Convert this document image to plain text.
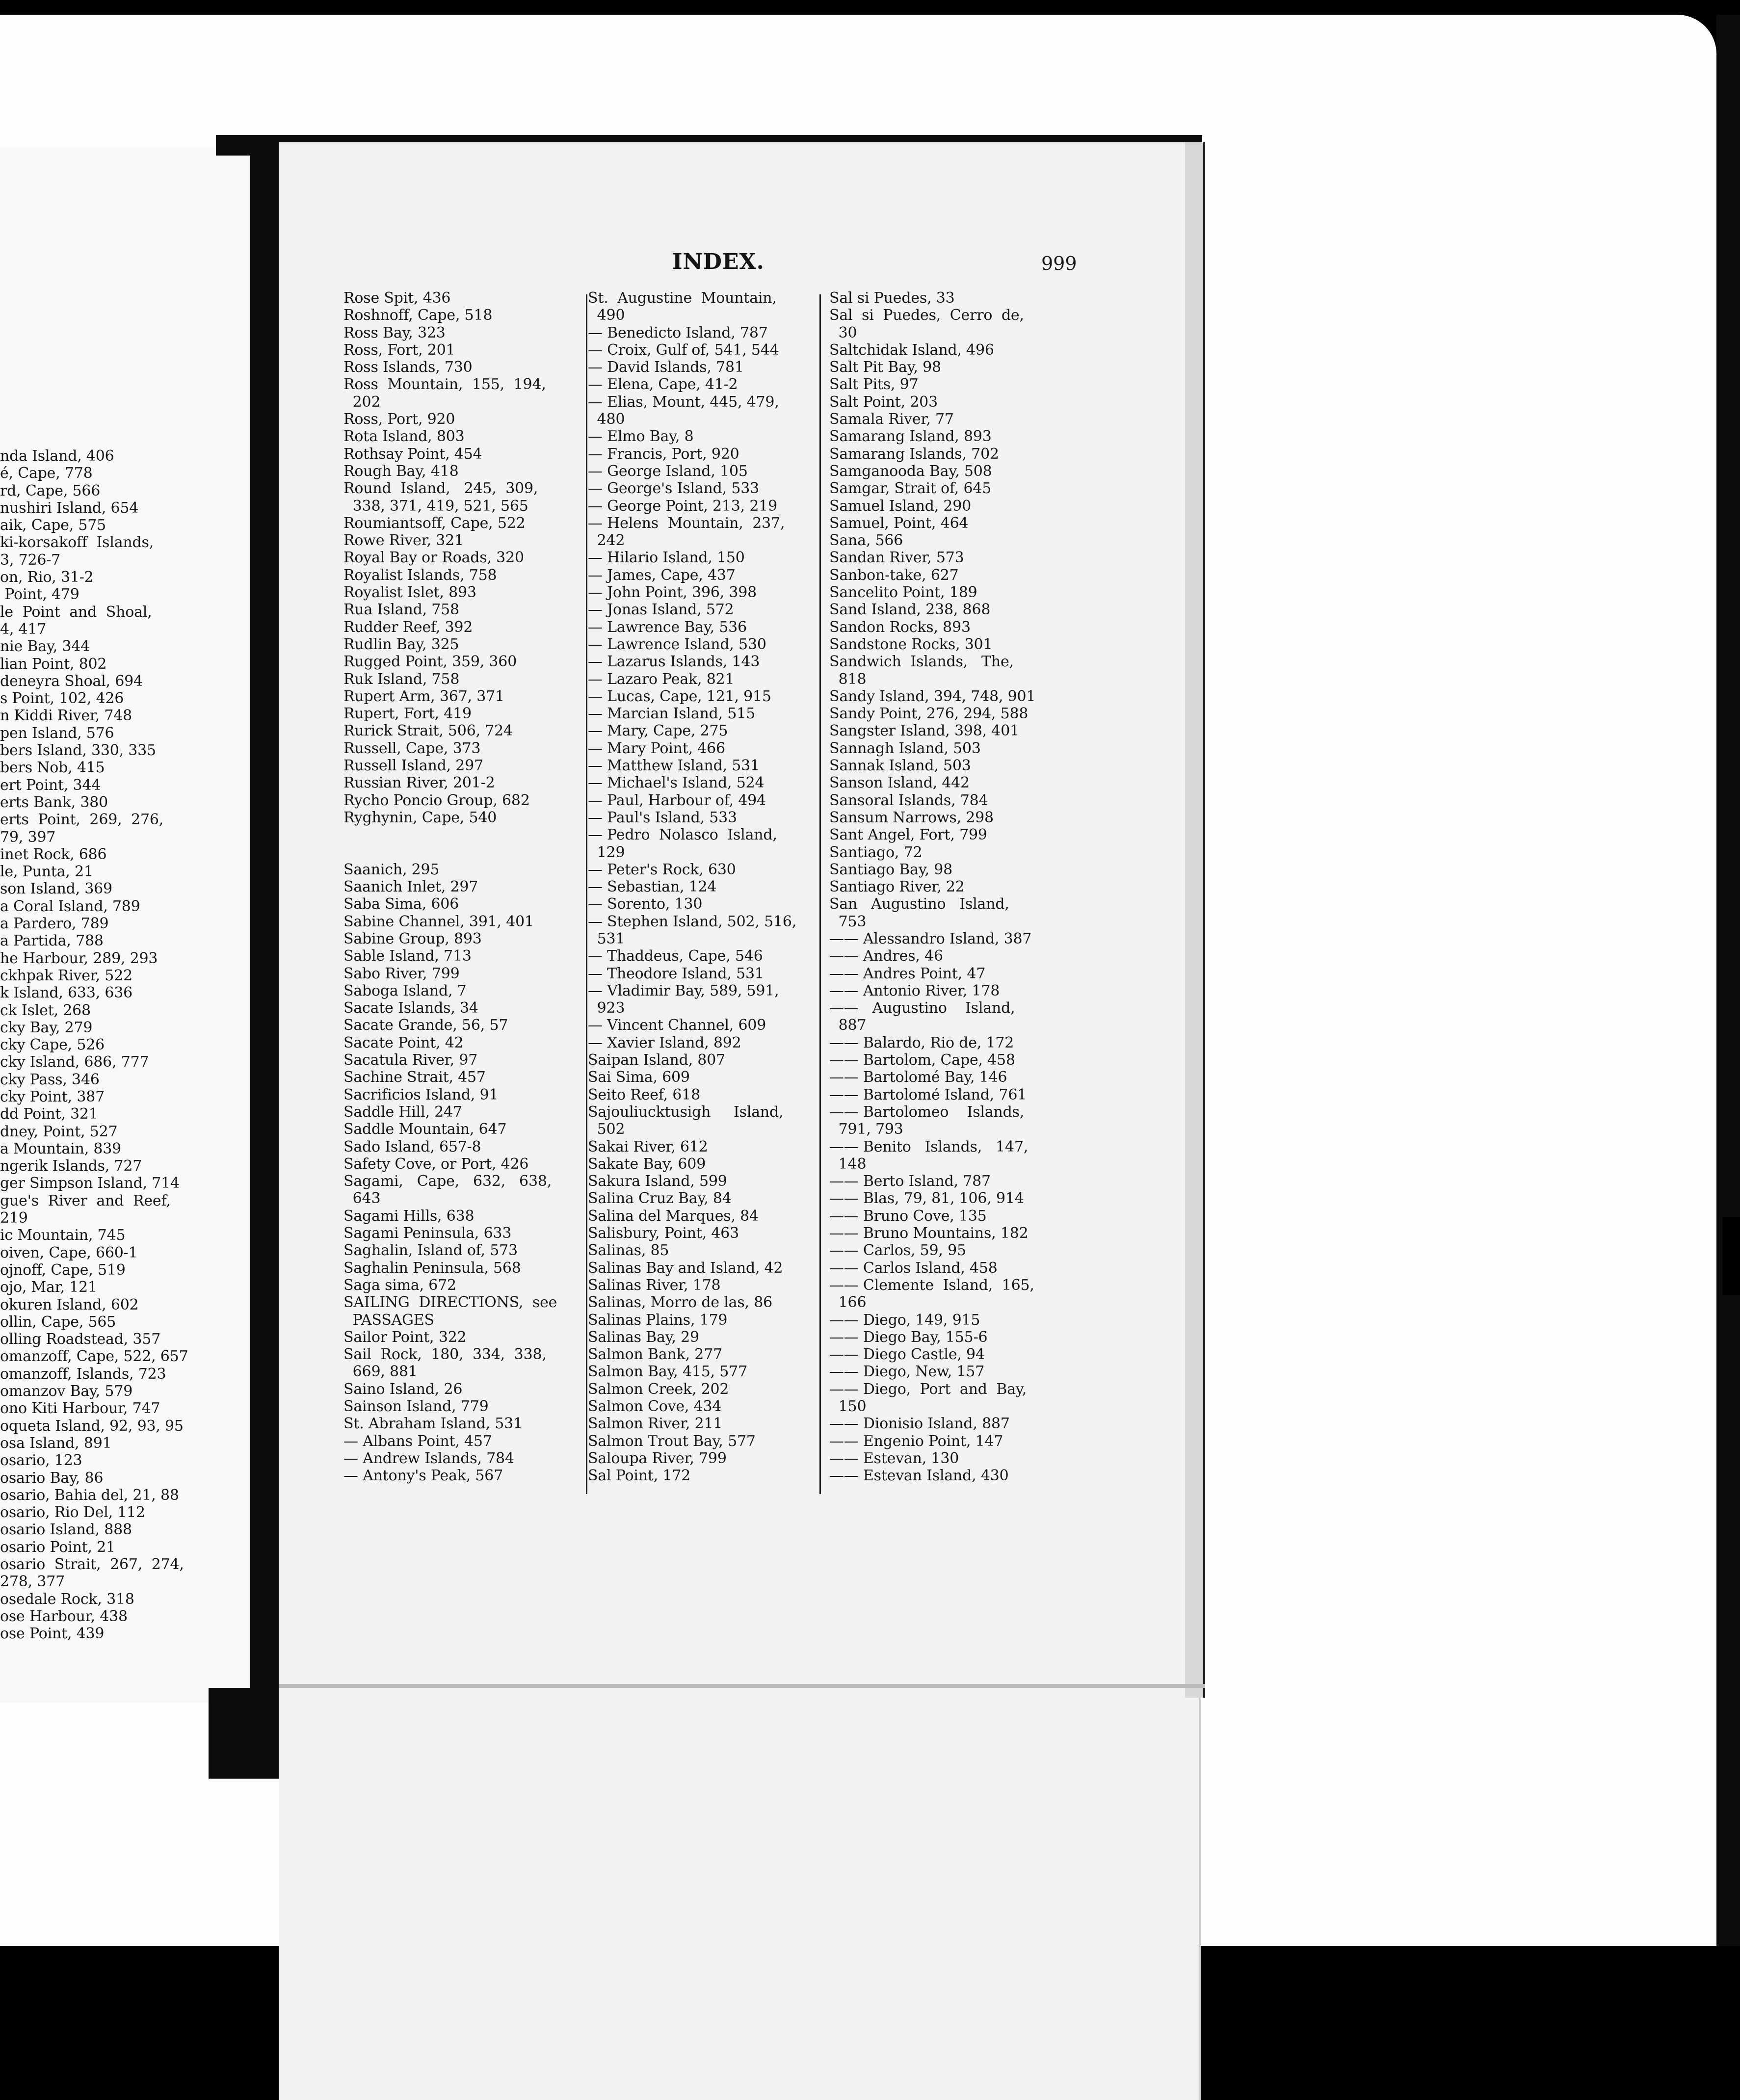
nda Island, 406
é, Cape, 778
rd, Cape, 566
nushiri Island, 654
aik, Cape, 575
ki-korsakoff  Islands,
3, 726-7
on, Rio, 31-2
Point, 479
le  Point  and  Shoal,
4, 417
nie Bay, 344
lian Point, 802
deneyra Shoal, 694
s Point, 102, 426
n Kiddi River, 748
pen Island, 576
bers Island, 330, 335
bers Nob, 415
ert Point, 344
erts Bank, 380
erts  Point,  269,  276,
79, 397
inet Rock, 686
le, Punta, 21
son Island, 369
a Coral Island, 789
a Pardero, 789
a Partida, 788
he Harbour, 289, 293
ckhpak River, 522
k Island, 633, 636
ck Islet, 268
cky Bay, 279
cky Cape, 526
cky Island, 686, 777
cky Pass, 346
cky Point, 387
dd Point, 321
dney, Point, 527
a Mountain, 839
ngerik Islands, 727
ger Simpson Island, 714
gue's  River  and  Reef,
219
ic Mountain, 745
oiven, Cape, 660-1
ojnoff, Cape, 519
ojo, Mar, 121
okuren Island, 602
ollin, Cape, 565
olling Roadstead, 357
omanzoff, Cape, 522, 657
omanzoff, Islands, 723
omanzov Bay, 579
ono Kiti Harbour, 747
oqueta Island, 92, 93, 95
osa Island, 891
osario, 123
osario Bay, 86
osario, Bahia del, 21, 88
osario, Rio Del, 112
osario Island, 888
osario Point, 21
osario  Strait,  267,  274,
278, 377
osedale Rock, 318
ose Harbour, 438
ose Point, 439
INDEX.	999
Rose Spit, 436
Roshnoff, Cape, 518
Ross Bay, 323
Ross, Fort, 201
Ross Islands, 730
Ross  Mountain,  155,  194,
202
Ross, Port, 920
Rota Island, 803
Rothsay Point, 454
Rough Bay, 418
Round  Island,   245,  309,
338, 371, 419, 521, 565
Roumiantsoff, Cape, 522
Rowe River, 321
Royal Bay or Roads, 320
Royalist Islands, 758
Royalist Islet, 893
Rua Island, 758
Rudder Reef, 392
Rudlin Bay, 325
Rugged Point, 359, 360
Ruk Island, 758
Rupert Arm, 367, 371
Rupert, Fort, 419
Rurick Strait, 506, 724
Russell, Cape, 373
Russell Island, 297
Russian River, 201-2
Rycho Poncio Group, 682
Ryghynin, Cape, 540
Saanich, 295
Saanich Inlet, 297
Saba Sima, 606
Sabine Channel, 391, 401
Sabine Group, 893
Sable Island, 713
Sabo River, 799
Saboga Island, 7
Sacate Islands, 34
Sacate Grande, 56, 57
Sacate Point, 42
Sacatula River, 97
Sachine Strait, 457
Sacrificios Island, 91
Saddle Hill, 247
Saddle Mountain, 647
Sado Island, 657-8
Safety Cove, or Port, 426
Sagami,   Cape,   632,   638,
643
Sagami Hills, 638
Sagami Peninsula, 633
Saghalin, Island of, 573
Saghalin Peninsula, 568
Saga sima, 672
SAILING  DIRECTIONS,  see
PASSAGES
Sailor Point, 322
Sail  Rock,  180,  334,  338,
669, 881
Saino Island, 26
Sainson Island, 779
St. Abraham Island, 531
— Albans Point, 457
— Andrew Islands, 784
— Antony's Peak, 567
St.  Augustine  Mountain,
490
— Benedicto Island, 787
— Croix, Gulf of, 541, 544
— David Islands, 781
— Elena, Cape, 41-2
— Elias, Mount, 445, 479,
480
— Elmo Bay, 8
— Francis, Port, 920
— George Island, 105
— George's Island, 533
— George Point, 213, 219
— Helens  Mountain,  237,
242
— Hilario Island, 150
— James, Cape, 437
— John Point, 396, 398
— Jonas Island, 572
— Lawrence Bay, 536
— Lawrence Island, 530
— Lazarus Islands, 143
— Lazaro Peak, 821
— Lucas, Cape, 121, 915
— Marcian Island, 515
— Mary, Cape, 275
— Mary Point, 466
— Matthew Island, 531
— Michael's Island, 524
— Paul, Harbour of, 494
— Paul's Island, 533
— Pedro  Nolasco  Island,
129
— Peter's Rock, 630
— Sebastian, 124
— Sorento, 130
— Stephen Island, 502, 516,
531
— Thaddeus, Cape, 546
— Theodore Island, 531
— Vladimir Bay, 589, 591,
923
— Vincent Channel, 609
— Xavier Island, 892
Saipan Island, 807
Sai Sima, 609
Seito Reef, 618
Sajouliucktusigh     Island,
502
Sakai River, 612
Sakate Bay, 609
Sakura Island, 599
Salina Cruz Bay, 84
Salina del Marques, 84
Salisbury, Point, 463
Salinas, 85
Salinas Bay and Island, 42
Salinas River, 178
Salinas, Morro de las, 86
Salinas Plains, 179
Salinas Bay, 29
Salmon Bank, 277
Salmon Bay, 415, 577
Salmon Creek, 202
Salmon Cove, 434
Salmon River, 211
Salmon Trout Bay, 577
Saloupa River, 799
Sal Point, 172
Sal si Puedes, 33
Sal  si  Puedes,  Cerro  de,
30
Saltchidak Island, 496
Salt Pit Bay, 98
Salt Pits, 97
Salt Point, 203
Samala River, 77
Samarang Island, 893
Samarang Islands, 702
Samganooda Bay, 508
Samgar, Strait of, 645
Samuel Island, 290
Samuel, Point, 464
Sana, 566
Sandan River, 573
Sanbon-take, 627
Sancelito Point, 189
Sand Island, 238, 868
Sandon Rocks, 893
Sandstone Rocks, 301
Sandwich  Islands,   The,
818
Sandy Island, 394, 748, 901
Sandy Point, 276, 294, 588
Sangster Island, 398, 401
Sannagh Island, 503
Sannak Island, 503
Sanson Island, 442
Sansoral Islands, 784
Sansum Narrows, 298
Sant Angel, Fort, 799
Santiago, 72
Santiago Bay, 98
Santiago River, 22
San   Augustino   Island,
753
—— Alessandro Island, 387
—— Andres, 46
—— Andres Point, 47
—— Antonio River, 178
——   Augustino    Island,
887
—— Balardo, Rio de, 172
—— Bartolom, Cape, 458
—— Bartolomé Bay, 146
—— Bartolomé Island, 761
—— Bartolomeo    Islands,
791, 793
—— Benito   Islands,   147,
148
—— Berto Island, 787
—— Blas, 79, 81, 106, 914
—— Bruno Cove, 135
—— Bruno Mountains, 182
—— Carlos, 59, 95
—— Carlos Island, 458
—— Clemente  Island,  165,
166
—— Diego, 149, 915
—— Diego Bay, 155-6
—— Diego Castle, 94
—— Diego, New, 157
—— Diego,  Port  and  Bay,
150
—— Dionisio Island, 887
—— Engenio Point, 147
—— Estevan, 130
—— Estevan Island, 430
